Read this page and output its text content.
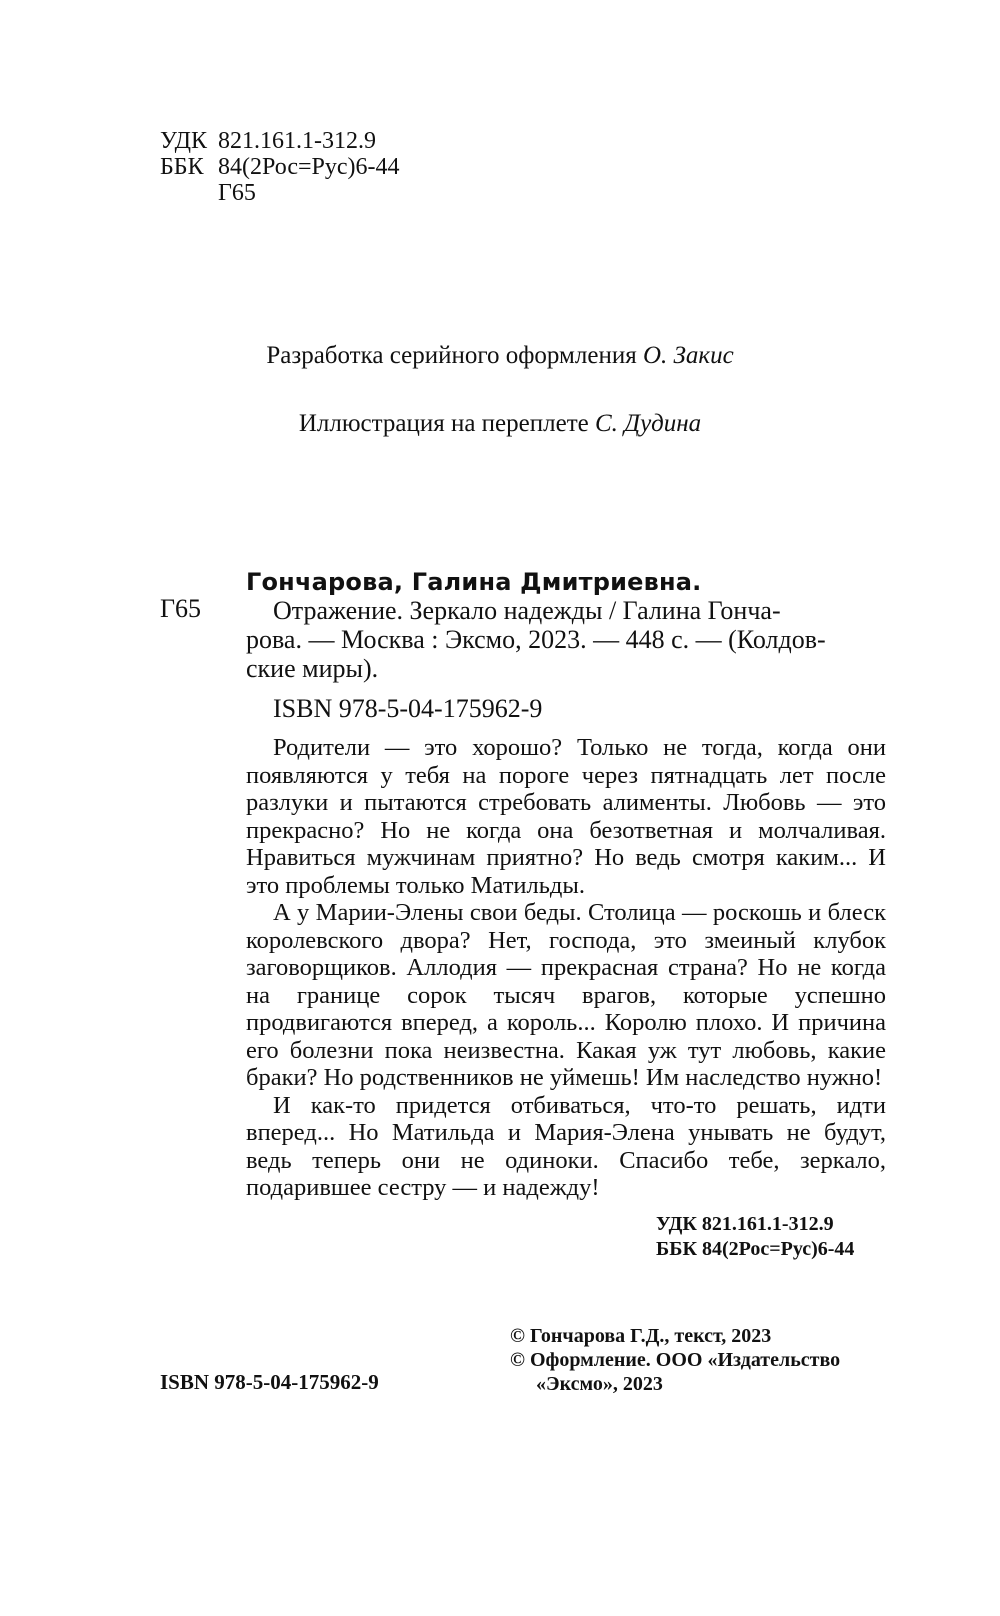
УДК 821.161.1-312.9
ББК 84(2Рос=Рус)6-44
Г65
Разработка серийного оформления О. Закис
Иллюстрация на переплете С. Дудина
Гончарова, Галина Дмитриевна.
Г65	Отражение. Зеркало надежды / Галина Гонча-

рова. — Москва : Эксмо, 2023. — 448 с. — (Колдов-

ские миры).

ISBN 978-5-04-175962-9

Родители — это хорошо? Только не тогда, когда они появляются у тебя на пороге через пятнадцать лет после разлуки и пытаются стребовать алименты. Любовь — это прекрасно? Но не когда она безответная и молчаливая. Нравиться мужчинам приятно? Но ведь смотря каким... И это проблемы только Матильды.

А у Марии-Элены свои беды. Столица — роскошь и блеск королевского двора? Нет, господа, это змеиный клубок заговорщиков. Аллодия — прекрасная страна? Но не когда на границе сорок тысяч врагов, которые успешно продвигаются вперед, а король... Королю плохо. И причина его болезни пока неизвестна. Какая уж тут любовь, какие браки? Но родственников не уймешь! Им наследство нужно!

И как-то придется отбиваться, что-то решать, идти вперед... Но Матильда и Мария-Элена унывать не будут, ведь теперь они не одиноки. Спасибо тебе, зеркало, подарившее сестру — и надежду!

УДК 821.161.1-312.9
ББК 84(2Рос=Рус)6-44
© Гончарова Г.Д., текст, 2023
© Оформление. ООО «Издательство
«Эксмо», 2023
ISBN 978-5-04-175962-9
